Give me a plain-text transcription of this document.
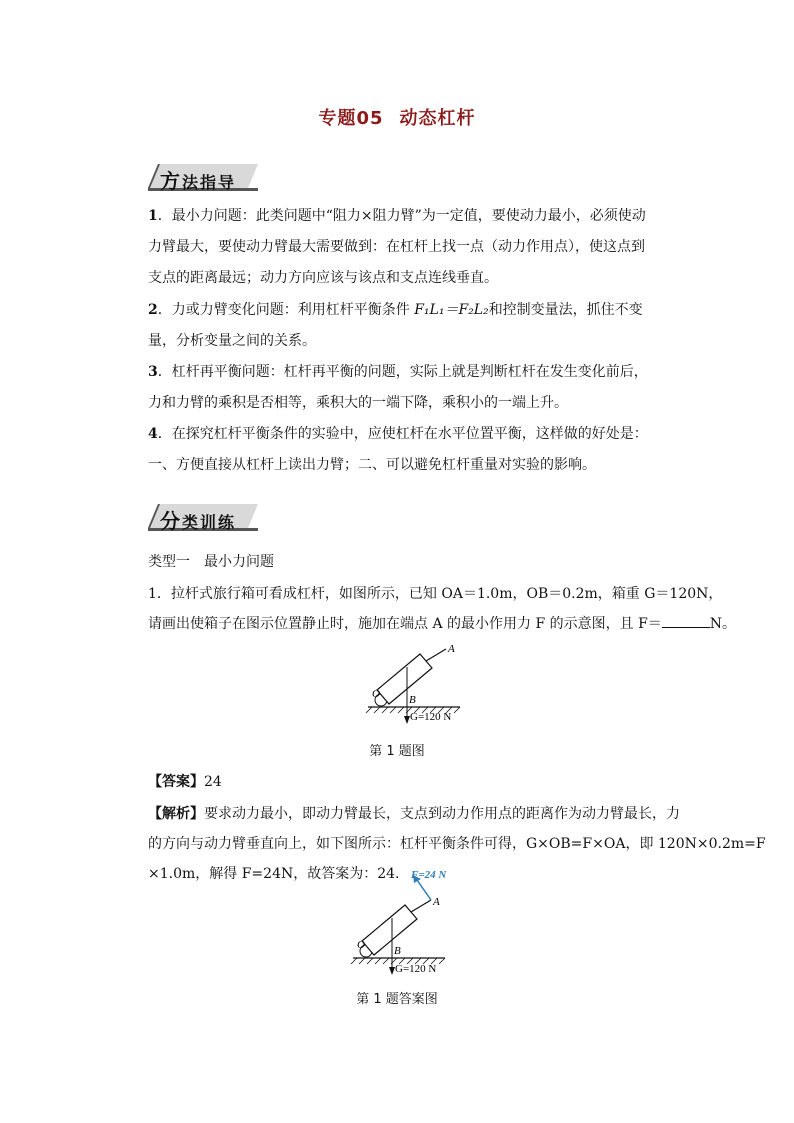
专题05 动态杠杆
方法指导
1．最小力问题：此类问题中“阻力×阻力臂”为一定值，要使动力最小，必须使动力臂最大，要使动力臂最大需要做到：在杠杆上找一点（动力作用点），使这点到支点的距离最远；动力方向应该与该点和支点连线垂直。
2．力或力臂变化问题：利用杠杆平衡条件 F₁L₁＝F₂L₂和控制变量法，抓住不变量，分析变量之间的关系。
3．杠杆再平衡问题：杠杆再平衡的问题，实际上就是判断杠杆在发生变化前后，力和力臂的乘积是否相等，乘积大的一端下降，乘积小的一端上升。
4．在探究杠杆平衡条件的实验中，应使杠杆在水平位置平衡，这样做的好处是：一、方便直接从杠杆上读出力臂；二、可以避免杠杆重量对实验的影响。
分类训练
类型一　最小力问题
1．拉杆式旅行箱可看成杠杆，如图所示，已知 OA＝1.0m，OB＝0.2m，箱重 G＝120N，
请画出使箱子在图示位置静止时，施加在端点 A 的最小作用力 F 的示意图，且 F＝	N。
A
O	B
G=120 N
第 1 题图
【答案】24
【解析】要求动力最小，即动力臂最长，支点到动力作用点的距离作为动力臂最长，力
的方向与动力臂垂直向上，如下图所示：杠杆平衡条件可得，G×OB=F×OA，即 120N×0.2m=F
×1.0m，解得 F=24N，故答案为：24. F=24 N
A
O	B
G=120 N
第 1 题答案图
